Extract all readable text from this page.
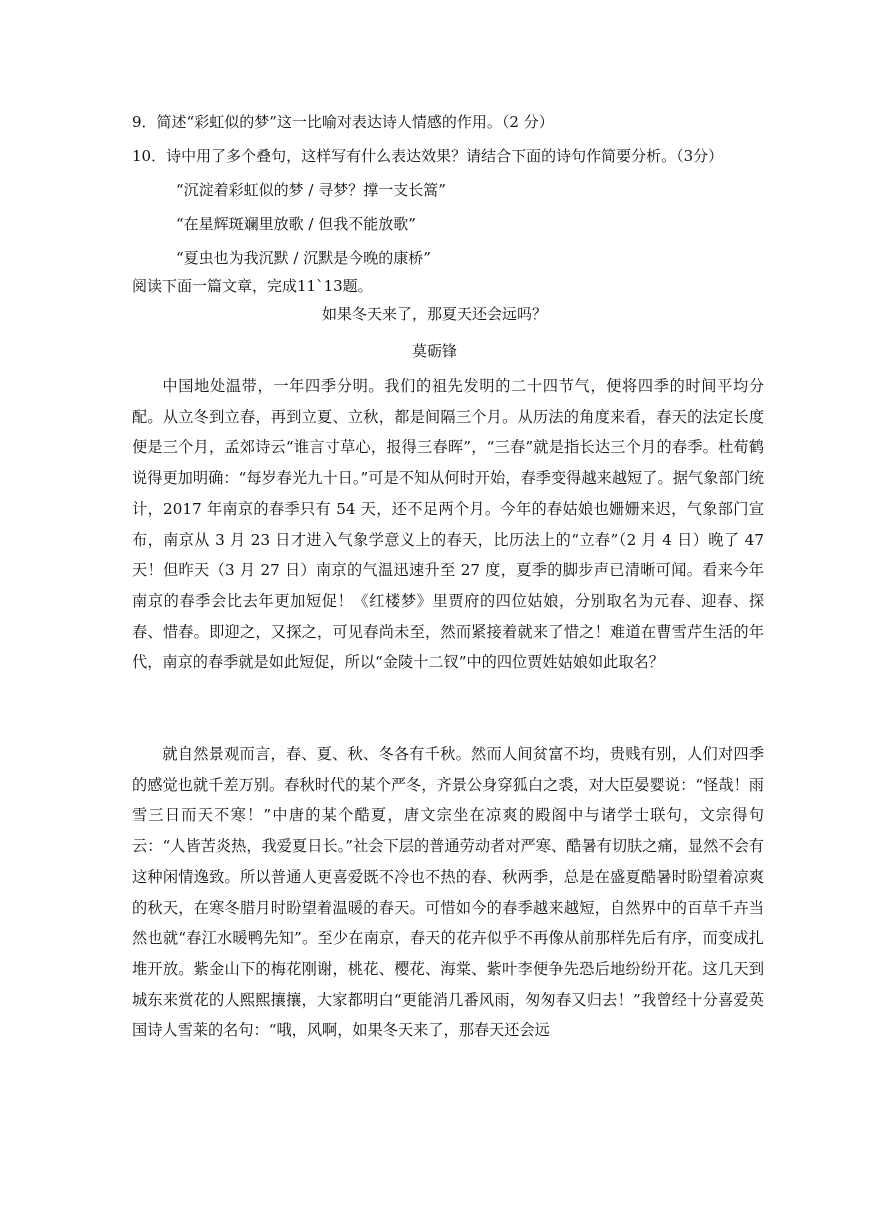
9．简述“彩虹似的梦”这一比喻对表达诗人情感的作用。（2 分）
10．诗中用了多个叠句，这样写有什么表达效果？请结合下面的诗句作简要分析。（3分）
“沉淀着彩虹似的梦 / 寻梦？撑一支长篙”
“在星辉斑斓里放歌 / 但我不能放歌”
“夏虫也为我沉默 / 沉默是今晚的康桥”
阅读下面一篇文章，完成11`13题。
如果冬天来了，那夏天还会远吗？
莫砺锋
中国地处温带，一年四季分明。我们的祖先发明的二十四节气，便将四季的时间平均分配。从立冬到立春，再到立夏、立秋，都是间隔三个月。从历法的角度来看，春天的法定长度便是三个月，孟郊诗云“谁言寸草心，报得三春晖”，“三春”就是指长达三个月的春季。杜荀鹤说得更加明确：“每岁春光九十日。”可是不知从何时开始，春季变得越来越短了。据气象部门统计，2017 年南京的春季只有 54 天，还不足两个月。今年的春姑娘也姗姗来迟，气象部门宣布，南京从 3 月 23 日才进入气象学意义上的春天，比历法上的“立春”（2 月 4 日）晚了 47 天！但昨天（3 月 27 日）南京的气温迅速升至 27 度，夏季的脚步声已清晰可闻。看来今年南京的春季会比去年更加短促！《红楼梦》里贾府的四位姑娘，分别取名为元春、迎春、探春、惜春。即迎之，又探之，可见春尚未至，然而紧接着就来了惜之！难道在曹雪芹生活的年代，南京的春季就是如此短促，所以“金陵十二钗”中的四位贾姓姑娘如此取名？
就自然景观而言，春、夏、秋、冬各有千秋。然而人间贫富不均，贵贱有别，人们对四季的感觉也就千差万别。春秋时代的某个严冬，齐景公身穿狐白之裘，对大臣晏婴说：“怪哉！雨雪三日而天不寒！”中唐的某个酷夏，唐文宗坐在凉爽的殿阁中与诸学士联句，文宗得句云：“人皆苦炎热，我爱夏日长。”社会下层的普通劳动者对严寒、酷暑有切肤之痛，显然不会有这种闲情逸致。所以普通人更喜爱既不冷也不热的春、秋两季，总是在盛夏酷暑时盼望着凉爽的秋天，在寒冬腊月时盼望着温暖的春天。可惜如今的春季越来越短，自然界中的百草千卉当然也就“春江水暖鸭先知”。至少在南京，春天的花卉似乎不再像从前那样先后有序，而变成扎堆开放。紫金山下的梅花刚谢，桃花、樱花、海棠、紫叶李便争先恐后地纷纷开花。这几天到城东来赏花的人熙熙攘攘，大家都明白“更能消几番风雨，匆匆春又归去！”我曾经十分喜爱英国诗人雪莱的名句：“哦，风啊，如果冬天来了，那春天还会远
